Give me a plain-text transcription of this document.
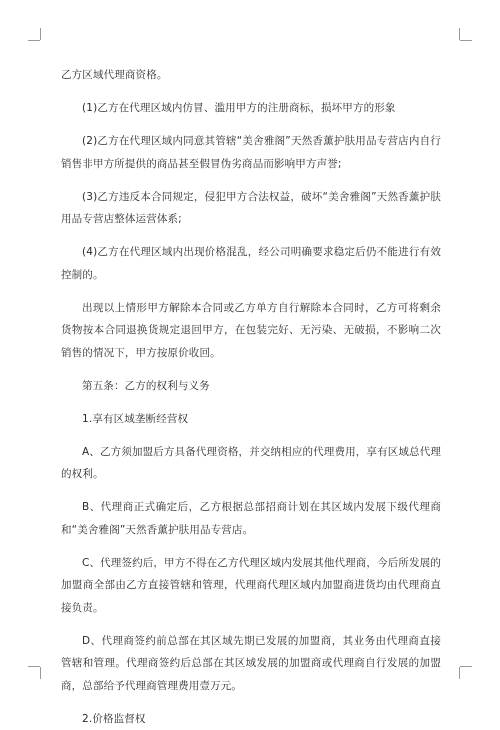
乙方区域代理商资格。

(1)乙方在代理区域内仿冒、滥用甲方的注册商标，损坏甲方的形象

(2)乙方在代理区域内同意其管辖“美舍雅阁”天然香薰护肤用品专营店内自行销售非甲方所提供的商品甚至假冒伪劣商品而影响甲方声誉;

(3)乙方违反本合同规定，侵犯甲方合法权益，破坏“美舍雅阁”天然香薰护肤用品专营店整体运营体系;

(4)乙方在代理区域内出现价格混乱，经公司明确要求稳定后仍不能进行有效控制的。

出现以上情形甲方解除本合同或乙方单方自行解除本合同时，乙方可将剩余货物按本合同退换货规定退回甲方，在包装完好、无污染、无破损，不影响二次销售的情况下，甲方按原价收回。

第五条：乙方的权利与义务

1.享有区域垄断经营权

A、乙方须加盟后方具备代理资格，并交纳相应的代理费用，享有区域总代理的权利。

B、代理商正式确定后，乙方根据总部招商计划在其区域内发展下级代理商和“美舍雅阁”天然香薰护肤用品专营店。

C、代理签约后，甲方不得在乙方代理区域内发展其他代理商，今后所发展的加盟商全部由乙方直接管辖和管理，代理商代理区域内加盟商进货均由代理商直接负责。

D、代理商签约前总部在其区域先期已发展的加盟商，其业务由代理商直接管辖和管理。代理商签约后总部在其区域发展的加盟商或代理商自行发展的加盟商，总部给予代理商管理费用壹万元。

2.价格监督权
